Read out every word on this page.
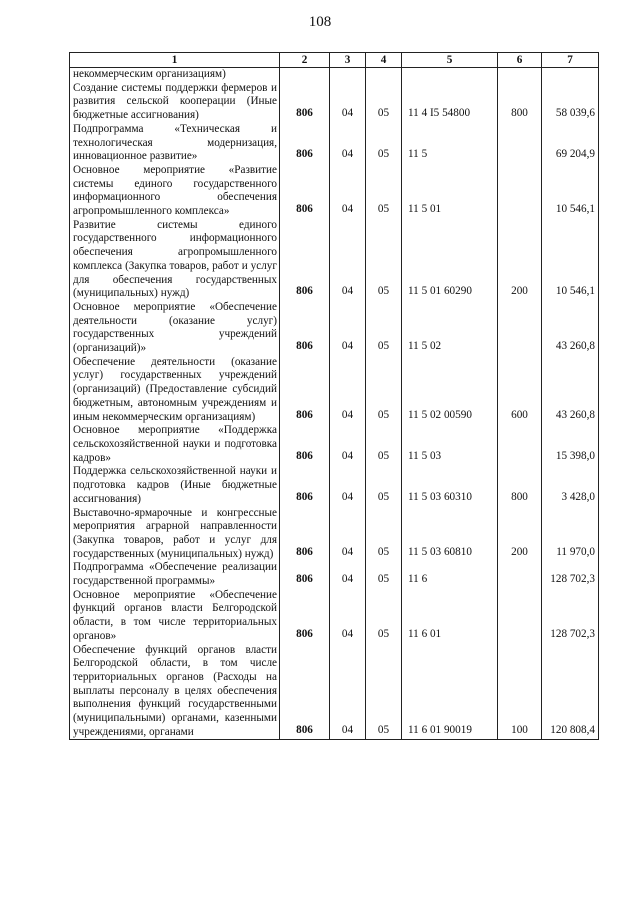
108
1	2	3	4	5	6	7
некоммерческим организациям)						
Создание системы поддержки фермеров и развития сельской кооперации (Иные бюджетные ассигнования)	806	04	05	11 4 I5 54800	800	58 039,6
Подпрограмма «Техническая и технологическая модернизация, инновационное развитие»	806	04	05	11 5		69 204,9
Основное мероприятие «Развитие системы единого государственного информационного обеспечения агропромышленного комплекса»	806	04	05	11 5 01		10 546,1
Развитие системы единого государственного информационного обеспечения агропромышленного комплекса (Закупка товаров, работ и услуг для обеспечения государственных (муниципальных) нужд)	806	04	05	11 5 01 60290	200	10 546,1
Основное мероприятие «Обеспечение деятельности (оказание услуг) государственных учреждений (организаций)»	806	04	05	11 5 02		43 260,8
Обеспечение деятельности (оказание услуг) государственных учреждений (организаций) (Предоставление субсидий бюджетным, автономным учреждениям и иным некоммерческим организациям)	806	04	05	11 5 02 00590	600	43 260,8
Основное мероприятие «Поддержка сельскохозяйственной науки и подготовка кадров»	806	04	05	11 5 03		15 398,0
Поддержка сельскохозяйственной науки и подготовка кадров (Иные бюджетные ассигнования)	806	04	05	11 5 03 60310	800	3 428,0
Выставочно-ярмарочные и конгрессные мероприятия аграрной направленности (Закупка товаров, работ и услуг для государственных (муниципальных) нужд)	806	04	05	11 5 03 60810	200	11 970,0
Подпрограмма «Обеспечение реализации государственной программы»	806	04	05	11 6		128 702,3
Основное мероприятие «Обеспечение функций органов власти Белгородской области, в том числе территориальных органов»	806	04	05	11 6 01		128 702,3
Обеспечение функций органов власти Белгородской области, в том числе территориальных органов (Расходы на выплаты персоналу в целях обеспечения выполнения функций государственными (муниципальными) органами, казенными учреждениями, органами	806	04	05	11 6 01 90019	100	120 808,4
